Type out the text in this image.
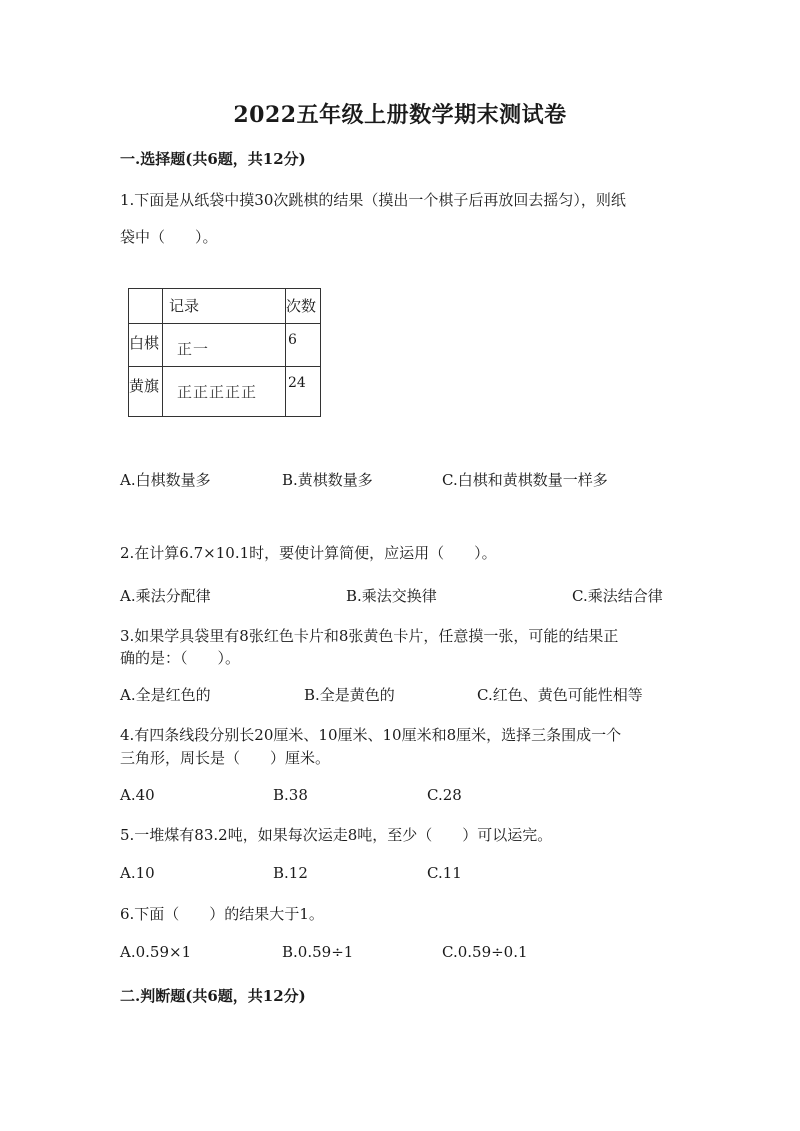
2022五年级上册数学期末测试卷
一.选择题(共6题，共12分)
1.下面是从纸袋中摸30次跳棋的结果（摸出一个棋子后再放回去摇匀），则纸
袋中（　　）。
	记录	次数
白棋	正一	6
黄旗	正正正正正	24
A.白棋数量多	B.黄棋数量多	C.白棋和黄棋数量一样多
2.在计算6.7×10.1时，要使计算简便，应运用（　　）。
A.乘法分配律	B.乘法交换律	C.乘法结合律
3.如果学具袋里有8张红色卡片和8张黄色卡片，任意摸一张，可能的结果正
确的是：（　　）。
A.全是红色的	B.全是黄色的	C.红色、黄色可能性相等
4.有四条线段分别长20厘米、10厘米、10厘米和8厘米，选择三条围成一个
三角形，周长是（　　）厘米。
A.40	B.38	C.28
5.一堆煤有83.2吨，如果每次运走8吨，至少（　　）可以运完。
A.10	B.12	C.11
6.下面（　　）的结果大于1。
A.0.59×1	B.0.59÷1	C.0.59÷0.1
二.判断题(共6题，共12分)
